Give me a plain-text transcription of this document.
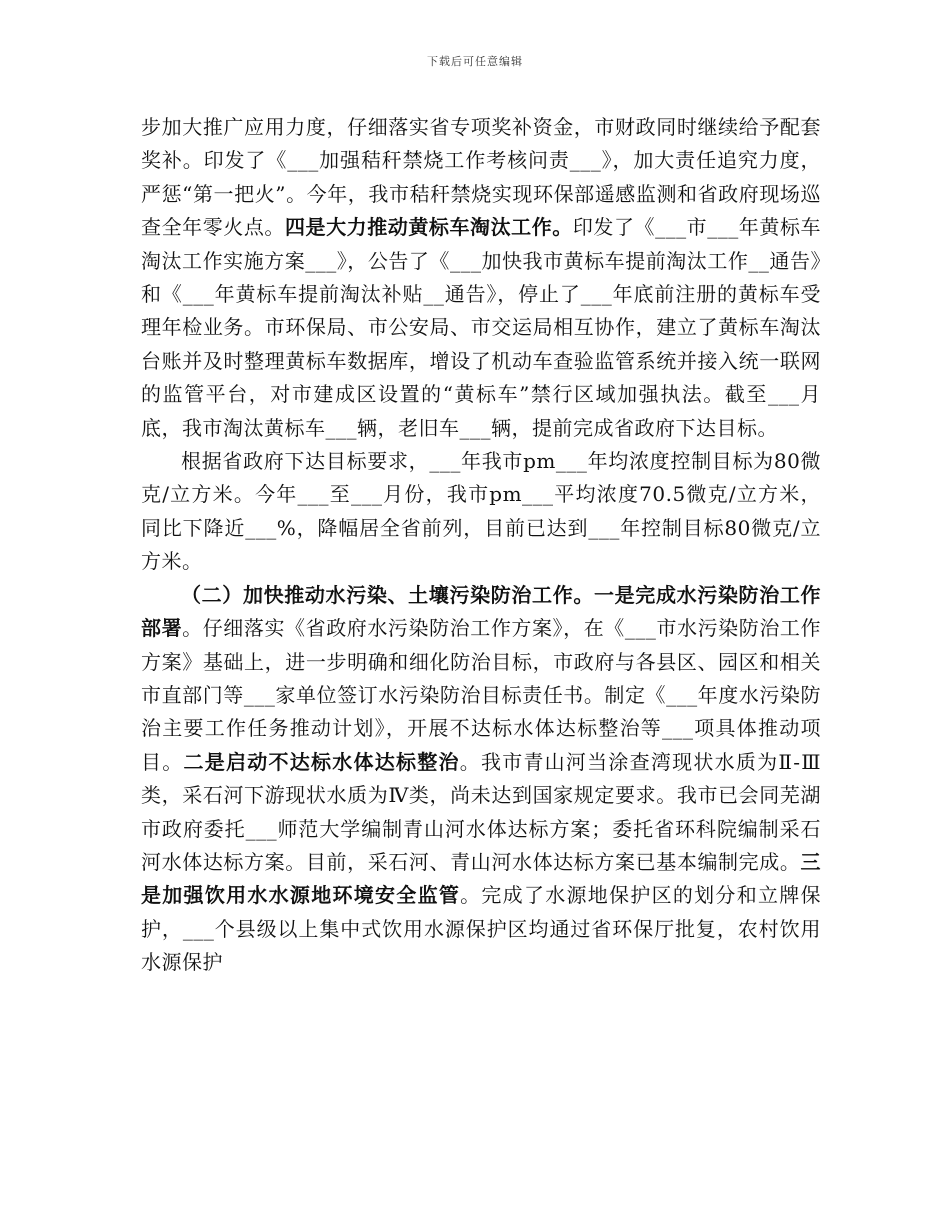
下载后可任意编辑

步加大推广应用力度，仔细落实省专项奖补资金，市财政同时继续给予配套奖补。印发了《___加强秸秆禁烧工作考核问责___》，加大责任追究力度，严惩“第一把火”。今年，我市秸秆禁烧实现环保部遥感监测和省政府现场巡查全年零火点。四是大力推动黄标车淘汰工作。印发了《___市___年黄标车淘汰工作实施方案___》，公告了《___加快我市黄标车提前淘汰工作__通告》和《___年黄标车提前淘汰补贴__通告》，停止了___年底前注册的黄标车受理年检业务。市环保局、市公安局、市交运局相互协作，建立了黄标车淘汰台账并及时整理黄标车数据库，增设了机动车查验监管系统并接入统一联网的监管平台，对市建成区设置的“黄标车”禁行区域加强执法。截至___月底，我市淘汰黄标车___辆，老旧车___辆，提前完成省政府下达目标。

根据省政府下达目标要求，___年我市pm___年均浓度控制目标为80微克/立方米。今年___至___月份，我市pm___平均浓度70.5微克/立方米，同比下降近___%，降幅居全省前列，目前已达到___年控制目标80微克/立方米。

（二）加快推动水污染、土壤污染防治工作。一是完成水污染防治工作部署。仔细落实《省政府水污染防治工作方案》，在《___市水污染防治工作方案》基础上，进一步明确和细化防治目标，市政府与各县区、园区和相关市直部门等___家单位签订水污染防治目标责任书。制定《___年度水污染防治主要工作任务推动计划》，开展不达标水体达标整治等___项具体推动项目。二是启动不达标水体达标整治。我市青山河当涂查湾现状水质为Ⅱ-Ⅲ类，采石河下游现状水质为Ⅳ类，尚未达到国家规定要求。我市已会同芜湖市政府委托___师范大学编制青山河水体达标方案；委托省环科院编制采石河水体达标方案。目前，采石河、青山河水体达标方案已基本编制完成。三是加强饮用水水源地环境安全监管。完成了水源地保护区的划分和立牌保护，___个县级以上集中式饮用水源保护区均通过省环保厅批复，农村饮用水源保护
